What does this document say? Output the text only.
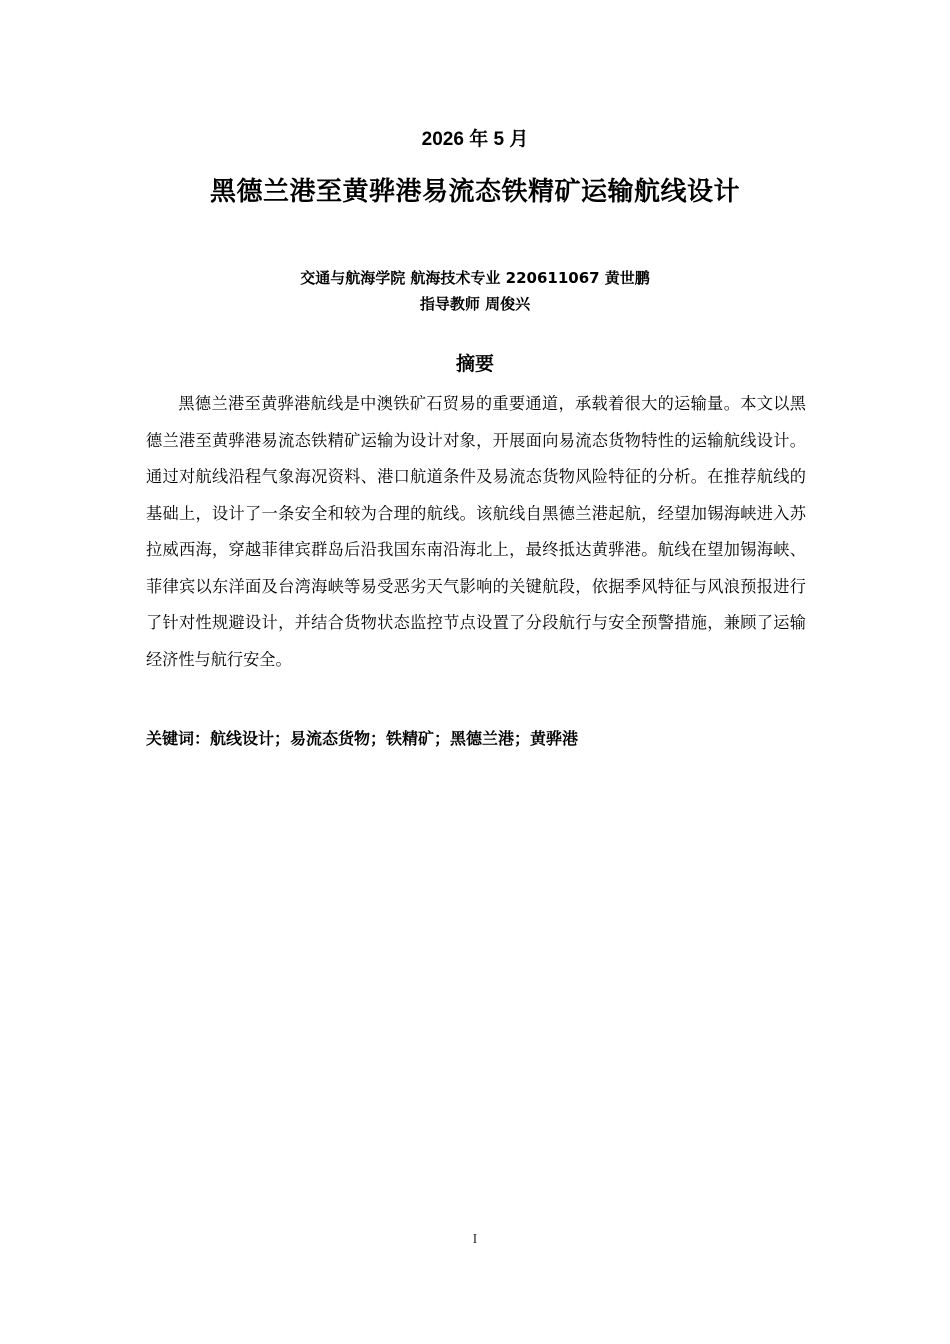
2026 年 5 月
黑德兰港至黄骅港易流态铁精矿运输航线设计
交通与航海学院 航海技术专业 220611067 黄世鹏
指导教师 周俊兴
摘要

黑德兰港至黄骅港航线是中澳铁矿石贸易的重要通道，承载着很大的运输量。本文以黑德兰港至黄骅港易流态铁精矿运输为设计对象，开展面向易流态货物特性的运输航线设计。通过对航线沿程气象海况资料、港口航道条件及易流态货物风险特征的分析。在推荐航线的基础上，设计了一条安全和较为合理的航线。该航线自黑德兰港起航，经望加锡海峡进入苏拉威西海，穿越菲律宾群岛后沿我国东南沿海北上，最终抵达黄骅港。航线在望加锡海峡、菲律宾以东洋面及台湾海峡等易受恶劣天气影响的关键航段，依据季风特征与风浪预报进行了针对性规避设计，并结合货物状态监控节点设置了分段航行与安全预警措施，兼顾了运输经济性与航行安全。

关键词：航线设计；易流态货物；铁精矿；黑德兰港；黄骅港
I
